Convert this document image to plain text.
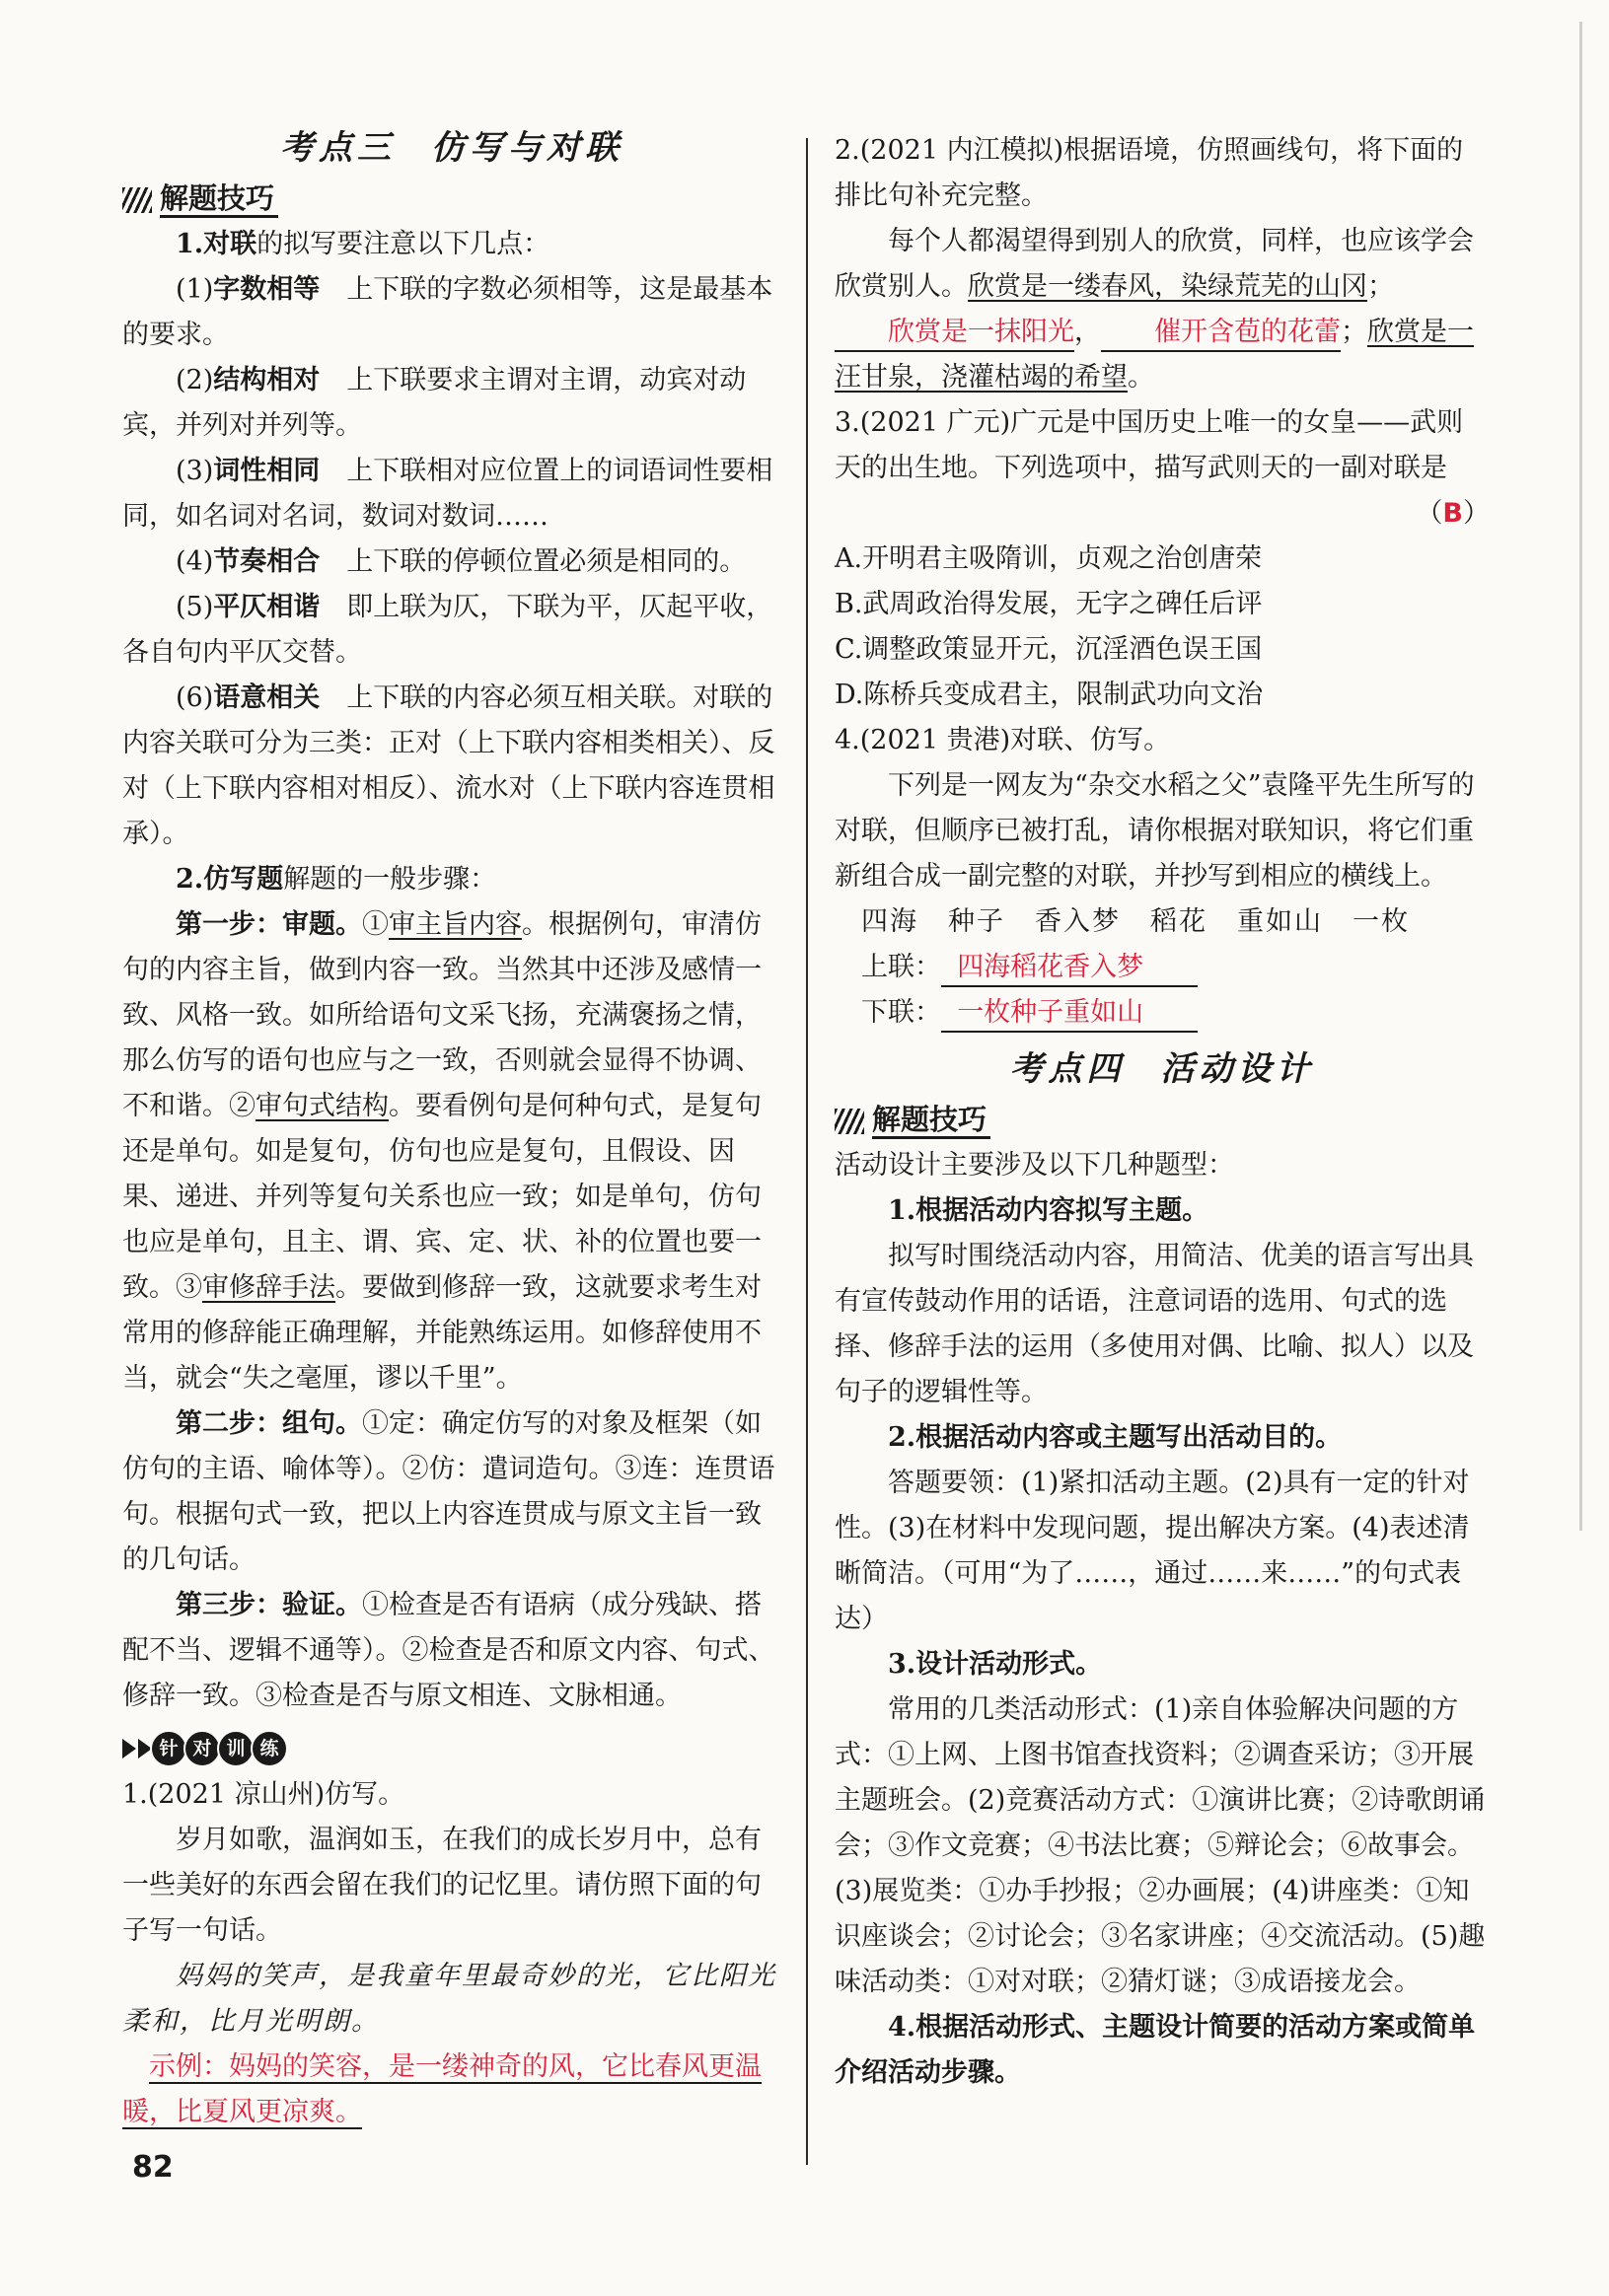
考点三 仿写与对联
解题技巧

1.对联的拟写要注意以下几点：

(1)字数相等　上下联的字数必须相等，这是最基本的要求。

(2)结构相对　上下联要求主谓对主谓，动宾对动宾，并列对并列等。

(3)词性相同　上下联相对应位置上的词语词性要相同，如名词对名词，数词对数词……

(4)节奏相合　上下联的停顿位置必须是相同的。

(5)平仄相谐　即上联为仄，下联为平，仄起平收，各自句内平仄交替。

(6)语意相关　上下联的内容必须互相关联。对联的内容关联可分为三类：正对（上下联内容相类相关）、反对（上下联内容相对相反）、流水对（上下联内容连贯相承）。

2.仿写题解题的一般步骤：

第一步：审题。①审主旨内容。根据例句，审清仿句的内容主旨，做到内容一致。当然其中还涉及感情一致、风格一致。如所给语句文采飞扬，充满褒扬之情，那么仿写的语句也应与之一致，否则就会显得不协调、不和谐。②审句式结构。要看例句是何种句式，是复句还是单句。如是复句，仿句也应是复句，且假设、因果、递进、并列等复句关系也应一致；如是单句，仿句也应是单句，且主、谓、宾、定、状、补的位置也要一致。③审修辞手法。要做到修辞一致，这就要求考生对常用的修辞能正确理解，并能熟练运用。如修辞使用不当，就会“失之毫厘，谬以千里”。

第二步：组句。①定：确定仿写的对象及框架（如仿句的主语、喻体等）。②仿：遣词造句。③连：连贯语句。根据句式一致，把以上内容连贯成与原文主旨一致的几句话。

第三步：验证。①检查是否有语病（成分残缺、搭配不当、逻辑不通等）。②检查是否和原文内容、句式、修辞一致。③检查是否与原文相连、文脉相通。

针 对 训 练

1.(2021 凉山州)仿写。

岁月如歌，温润如玉，在我们的成长岁月中，总有一些美好的东西会留在我们的记忆里。请仿照下面的句子写一句话。

妈妈的笑声，是我童年里最奇妙的光，它比阳光柔和，比月光明朗。

示例：妈妈的笑容，是一缕神奇的风，它比春风更温暖，比夏风更凉爽。

2.(2021 内江模拟)根据语境，仿照画线句，将下面的排比句补充完整。

每个人都渴望得到别人的欣赏，同样，也应该学会欣赏别人。欣赏是一缕春风，染绿荒芜的山冈；欣赏是一抹阳光， 催开含苞的花蕾；欣赏是一汪甘泉，浇灌枯竭的希望。

3.(2021 广元)广元是中国历史上唯一的女皇——武则天的出生地。下列选项中，描写武则天的一副对联是

（B）

A.开明君主吸隋训，贞观之治创唐荣

B.武周政治得发展，无字之碑任后评

C.调整政策显开元，沉淫酒色误王国

D.陈桥兵变成君主，限制武功向文治

4.(2021 贵港)对联、仿写。

下列是一网友为“杂交水稻之父”袁隆平先生所写的对联，但顺序已被打乱，请你根据对联知识，将它们重新组合成一副完整的对联，并抄写到相应的横线上。

四海 种子 香入梦 稻花 重如山 一枚

上联： 四海稻花香入梦

下联： 一枚种子重如山

考点四 活动设计
解题技巧

活动设计主要涉及以下几种题型：

1.根据活动内容拟写主题。

拟写时围绕活动内容，用简洁、优美的语言写出具有宣传鼓动作用的话语，注意词语的选用、句式的选择、修辞手法的运用（多使用对偶、比喻、拟人）以及句子的逻辑性等。

2.根据活动内容或主题写出活动目的。

答题要领：(1)紧扣活动主题。(2)具有一定的针对性。(3)在材料中发现问题，提出解决方案。(4)表述清晰简洁。（可用“为了……，通过……来……”的句式表达）

3.设计活动形式。

常用的几类活动形式：(1)亲自体验解决问题的方式：①上网、上图书馆查找资料；②调查采访；③开展主题班会。(2)竞赛活动方式：①演讲比赛；②诗歌朗诵会；③作文竞赛；④书法比赛；⑤辩论会；⑥故事会。(3)展览类：①办手抄报；②办画展；(4)讲座类：①知识座谈会；②讨论会；③名家讲座；④交流活动。(5)趣味活动类：①对对联；②猜灯谜；③成语接龙会。

4.根据活动形式、主题设计简要的活动方案或简单介绍活动步骤。

82
